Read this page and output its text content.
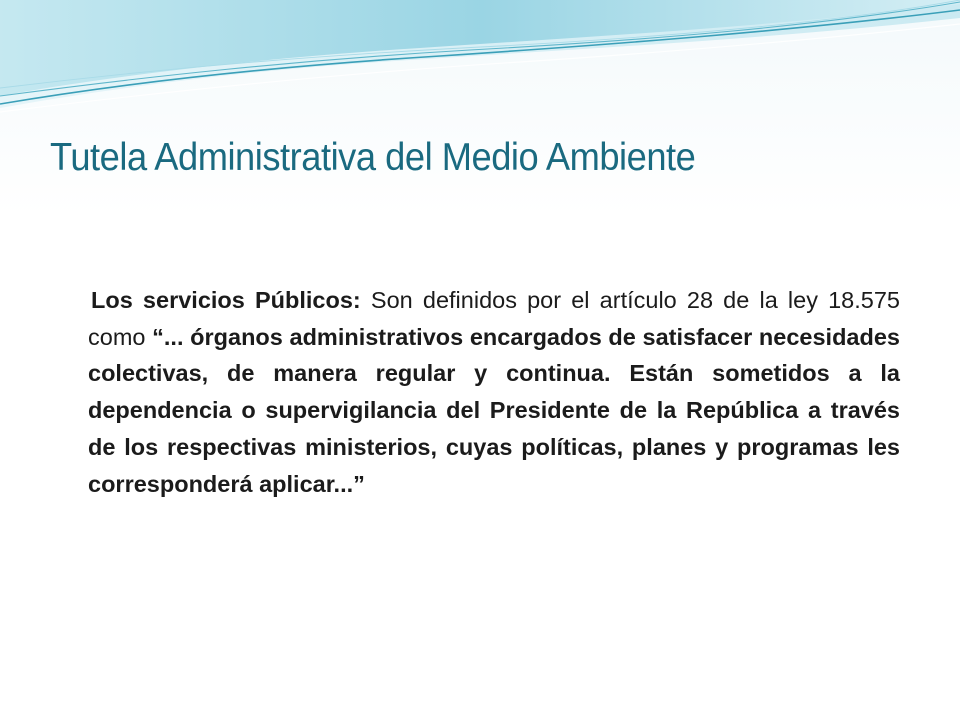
Tutela Administrativa del Medio Ambiente

Los servicios Públicos: Son definidos por el artículo 28 de la ley 18.575 como “... órganos administrativos encargados de satisfacer necesidades colectivas, de manera regular y continua. Están sometidos a la dependencia o supervigilancia del Presidente de la República a través de los respectivas ministerios, cuyas políticas, planes y programas les corresponderá aplicar...”
